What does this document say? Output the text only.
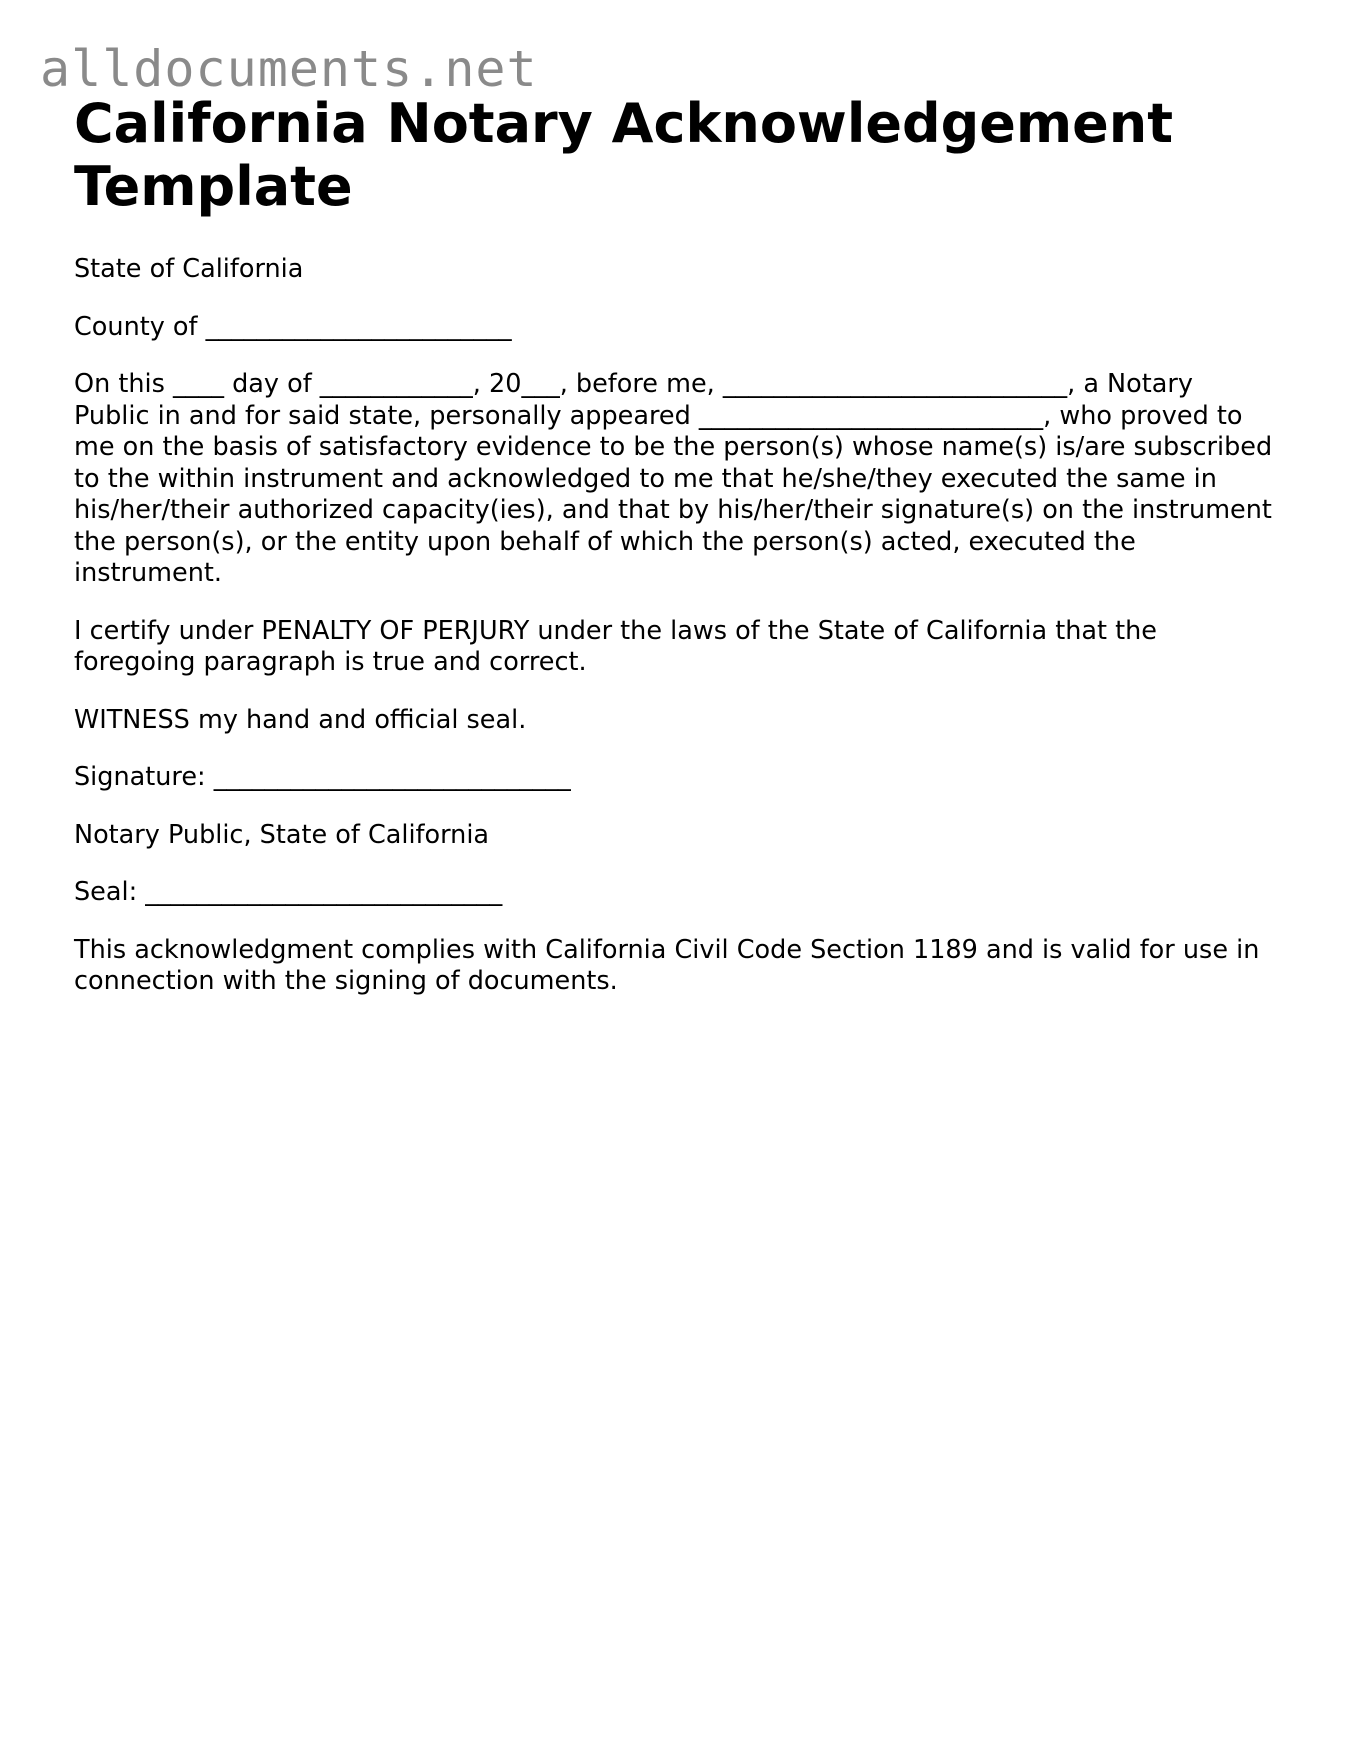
alldocuments.net
California Notary Acknowledgement Template

State of California

County of ________________________

On this ____ day of ____________, 20___, before me, ___________________________, a Notary Public in and for said state, personally appeared ___________________________, who proved to me on the basis of satisfactory evidence to be the person(s) whose name(s) is/are subscribed to the within instrument and acknowledged to me that he/she/they executed the same in his/her/their authorized capacity(ies), and that by his/her/their signature(s) on the instrument the person(s), or the entity upon behalf of which the person(s) acted, executed the instrument.

I certify under PENALTY OF PERJURY under the laws of the State of California that the foregoing paragraph is true and correct.

WITNESS my hand and official seal.

Signature: ____________________________

Notary Public, State of California

Seal: ____________________________

This acknowledgment complies with California Civil Code Section 1189 and is valid for use in connection with the signing of documents.
